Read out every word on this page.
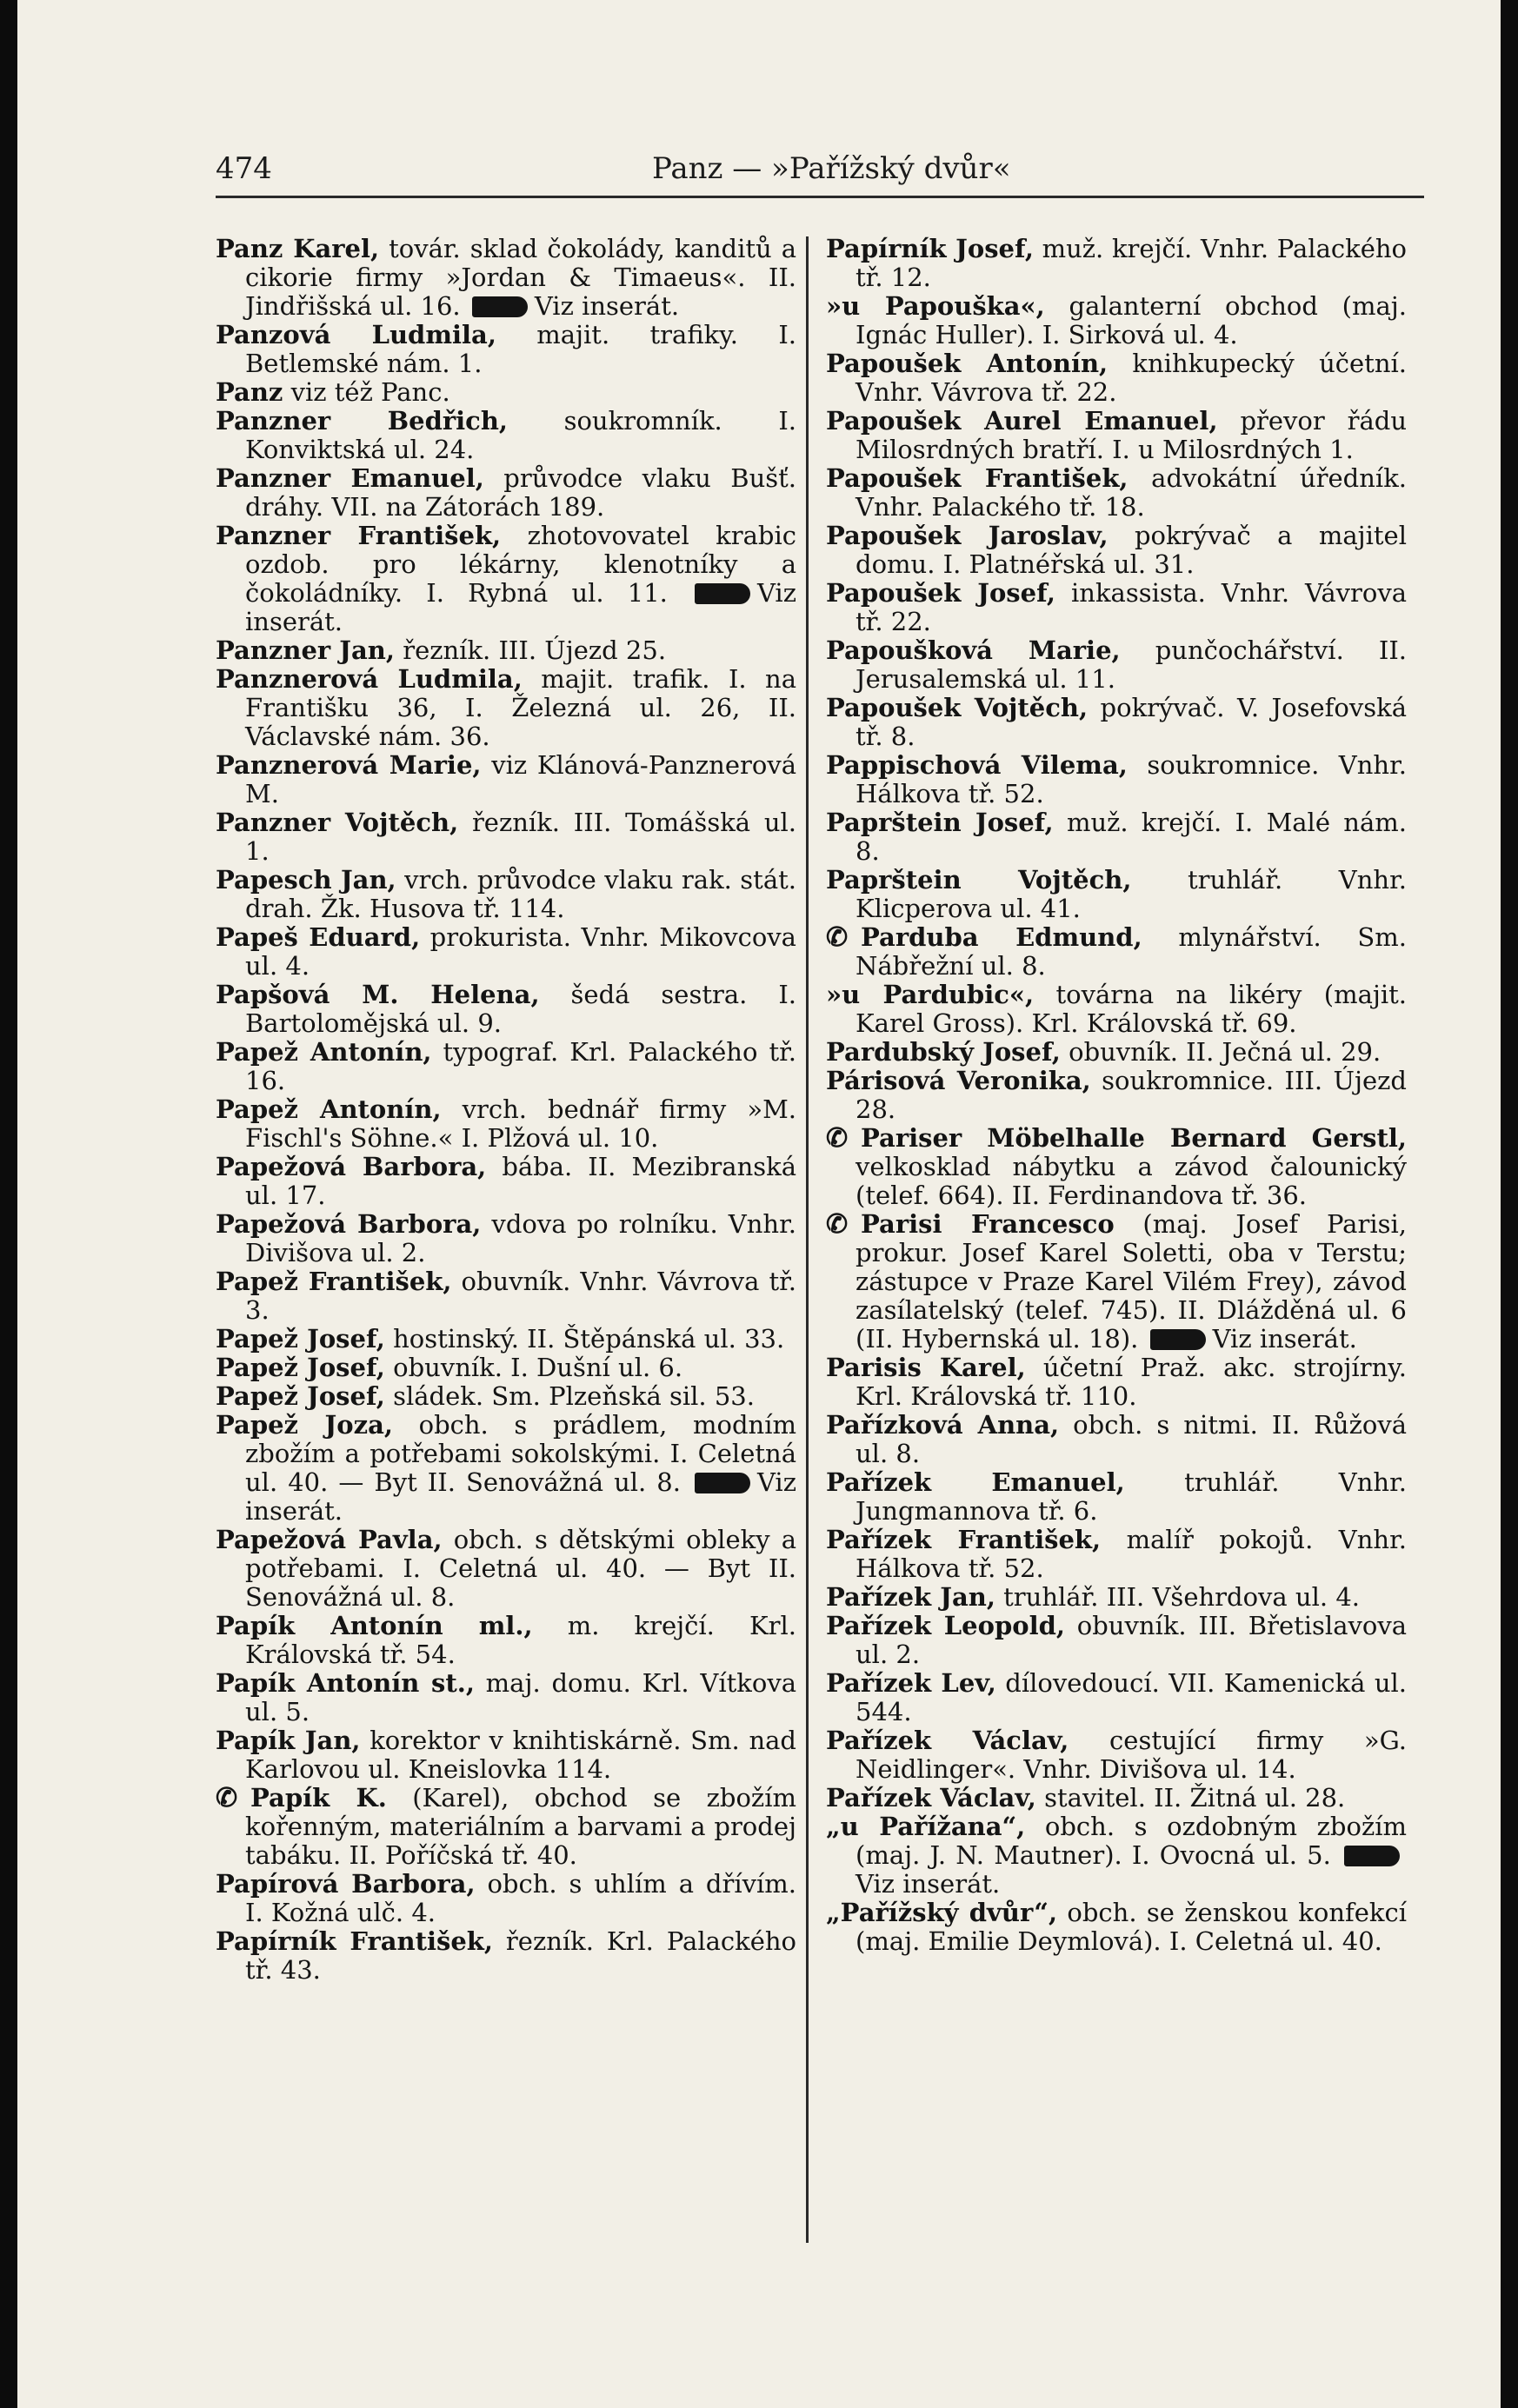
474	Panz — »Pařížský dvůr«
Panz Karel, továr. sklad čokolády, kanditů a cikorie firmy »Jordan & Timaeus«. II. Jindřišská ul. 16.	Viz inserát.
Panzová Ludmila, majit. trafiky. I. Betlemské nám. 1.
Panz viz též Panc.
Panzner Bedřich, soukromník. I. Konviktská ul. 24.
Panzner Emanuel, průvodce vlaku Bušť. dráhy. VII. na Zátorách 189.
Panzner František, zhotovovatel krabic ozdob. pro lékárny, klenotníky a čokoládníky. I. Rybná ul. 11.	Viz inserát.
Panzner Jan, řezník. III. Újezd 25.
Panznerová Ludmila, majit. trafik. I. na Františku 36, I. Železná ul. 26, II. Václavské nám. 36.
Panznerová Marie, viz Klánová-Panznerová M.
Panzner Vojtěch, řezník. III. Tomášská ul. 1.
Papesch Jan, vrch. průvodce vlaku rak. stát. drah. Žk. Husova tř. 114.
Papeš Eduard, prokurista. Vnhr. Mikovcova ul. 4.
Papšová M. Helena, šedá sestra. I. Bartolomějská ul. 9.
Papež Antonín, typograf. Krl. Palackého tř. 16.
Papež Antonín, vrch. bednář firmy »M. Fischl's Söhne.« I. Plžová ul. 10.
Papežová Barbora, bába. II. Mezibranská ul. 17.
Papežová Barbora, vdova po rolníku. Vnhr. Divišova ul. 2.
Papež František, obuvník. Vnhr. Vávrova tř. 3.
Papež Josef, hostinský. II. Štěpánská ul. 33.
Papež Josef, obuvník. I. Dušní ul. 6.
Papež Josef, sládek. Sm. Plzeňská sil. 53.
Papež Joza, obch. s prádlem, modním zbožím a potřebami sokolskými. I. Celetná ul. 40. — Byt II. Senovážná ul. 8.	Viz inserát.
Papežová Pavla, obch. s dětskými obleky a potřebami. I. Celetná ul. 40. — Byt II. Senovážná ul. 8.
Papík Antonín ml., m. krejčí. Krl. Královská tř. 54.
Papík Antonín st., maj. domu. Krl. Vítkova ul. 5.
Papík Jan, korektor v knihtiskárně. Sm. nad Karlovou ul. Kneislovka 114.
✆ Papík K. (Karel), obchod se zbožím kořenným, materiálním a barvami a prodej tabáku. II. Poříčská tř. 40.
Papírová Barbora, obch. s uhlím a dřívím. I. Kožná ulč. 4.
Papírník František, řezník. Krl. Palackého tř. 43.
Papírník Josef, muž. krejčí. Vnhr. Palackého tř. 12.
»u Papouška«, galanterní obchod (maj. Ignác Huller). I. Sirková ul. 4.
Papoušek Antonín, knihkupecký účetní. Vnhr. Vávrova tř. 22.
Papoušek Aurel Emanuel, převor řádu Milosrdných bratří. I. u Milosrdných 1.
Papoušek František, advokátní úředník. Vnhr. Palackého tř. 18.
Papoušek Jaroslav, pokrývač a majitel domu. I. Platnéřská ul. 31.
Papoušek Josef, inkassista. Vnhr. Vávrova tř. 22.
Papoušková Marie, punčochářství. II. Jerusalemská ul. 11.
Papoušek Vojtěch, pokrývač. V. Josefovská tř. 8.
Pappischová Vilema, soukromnice. Vnhr. Hálkova tř. 52.
Paprštein Josef, muž. krejčí. I. Malé nám. 8.
Paprštein Vojtěch, truhlář. Vnhr. Klicperova ul. 41.
✆ Parduba Edmund, mlynářství. Sm. Nábřežní ul. 8.
»u Pardubic«, továrna na likéry (majit. Karel Gross). Krl. Královská tř. 69.
Pardubský Josef, obuvník. II. Ječná ul. 29.
Párisová Veronika, soukromnice. III. Újezd 28.
✆ Pariser Möbelhalle Bernard Gerstl, velkosklad nábytku a závod čalounický (telef. 664). II. Ferdinandova tř. 36.
✆ Parisi Francesco (maj. Josef Parisi, prokur. Josef Karel Soletti, oba v Terstu; zástupce v Praze Karel Vilém Frey), závod zasílatelský (telef. 745). II. Dlážděná ul. 6 (II. Hybernská ul. 18).	Viz inserát.
Parisis Karel, účetní Praž. akc. strojírny. Krl. Královská tř. 110.
Pařízková Anna, obch. s nitmi. II. Růžová ul. 8.
Pařízek Emanuel, truhlář. Vnhr. Jungmannova tř. 6.
Pařízek František, malíř pokojů. Vnhr. Hálkova tř. 52.
Pařízek Jan, truhlář. III. Všehrdova ul. 4.
Pařízek Leopold, obuvník. III. Břetislavova ul. 2.
Pařízek Lev, dílovedoucí. VII. Kamenická ul. 544.
Pařízek Václav, cestující firmy »G. Neidlinger«. Vnhr. Divišova ul. 14.
Pařízek Václav, stavitel. II. Žitná ul. 28.
„u Pařížana“, obch. s ozdobným zbožím (maj. J. N. Mautner). I. Ovocná ul. 5. Viz inserát.
„Pařížský dvůr“, obch. se ženskou konfekcí (maj. Emilie Deymlová). I. Celetná ul. 40.
